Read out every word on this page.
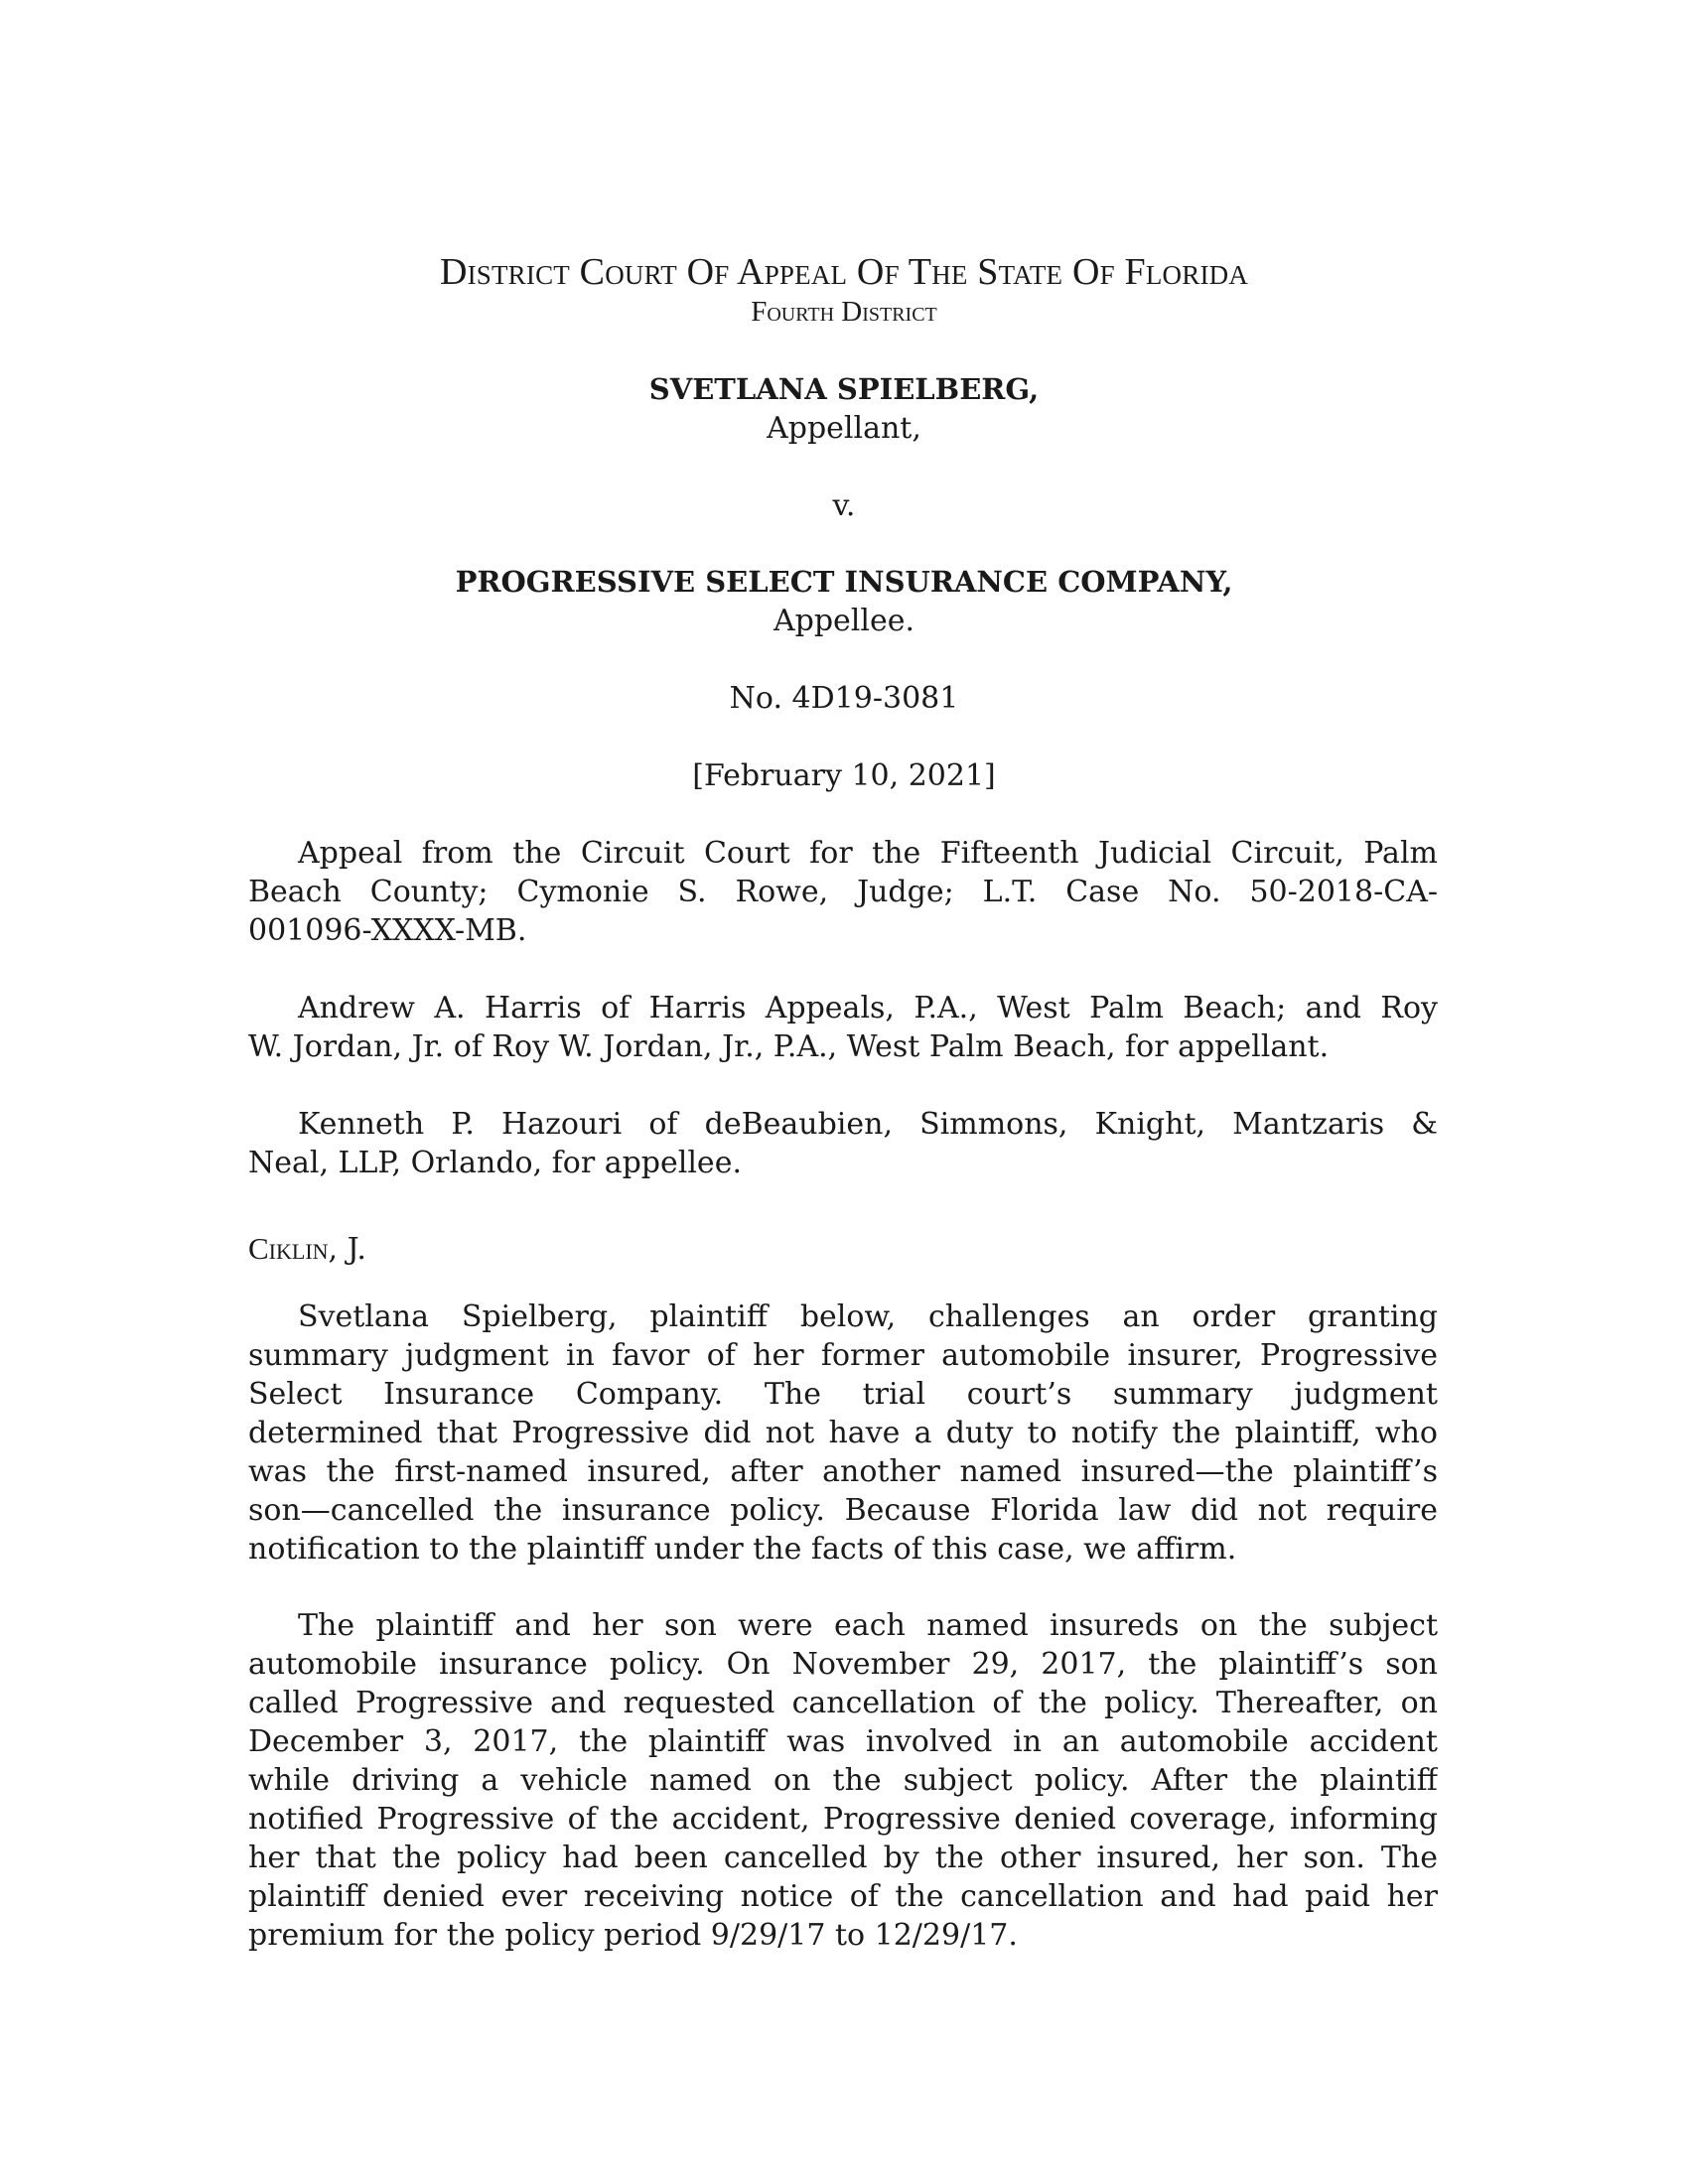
District Court Of Appeal Of The State Of Florida
Fourth District
SVETLANA SPIELBERG,
Appellant,
v.
PROGRESSIVE SELECT INSURANCE COMPANY,
Appellee.
No. 4D19-3081
[February 10, 2021]
Appeal from the Circuit Court for the Fifteenth Judicial Circuit, Palm
Beach County; Cymonie S. Rowe, Judge; L.T. Case No. 50-2018-CA-
001096-XXXX-MB.
Andrew A. Harris of Harris Appeals, P.A., West Palm Beach; and Roy
W. Jordan, Jr. of Roy W. Jordan, Jr., P.A., West Palm Beach, for appellant.
Kenneth P. Hazouri of deBeaubien, Simmons, Knight, Mantzaris &
Neal, LLP, Orlando, for appellee.
Ciklin, J.
Svetlana Spielberg, plaintiff below, challenges an order granting
summary judgment in favor of her former automobile insurer, Progressive
Select Insurance Company. The trial court’s summary judgment
determined that Progressive did not have a duty to notify the plaintiff, who
was the first-named insured, after another named insured—the plaintiff’s
son—cancelled the insurance policy. Because Florida law did not require
notification to the plaintiff under the facts of this case, we affirm.
The plaintiff and her son were each named insureds on the subject
automobile insurance policy. On November 29, 2017, the plaintiff’s son
called Progressive and requested cancellation of the policy. Thereafter, on
December 3, 2017, the plaintiff was involved in an automobile accident
while driving a vehicle named on the subject policy. After the plaintiff
notified Progressive of the accident, Progressive denied coverage, informing
her that the policy had been cancelled by the other insured, her son. The
plaintiff denied ever receiving notice of the cancellation and had paid her
premium for the policy period 9/29/17 to 12/29/17.
